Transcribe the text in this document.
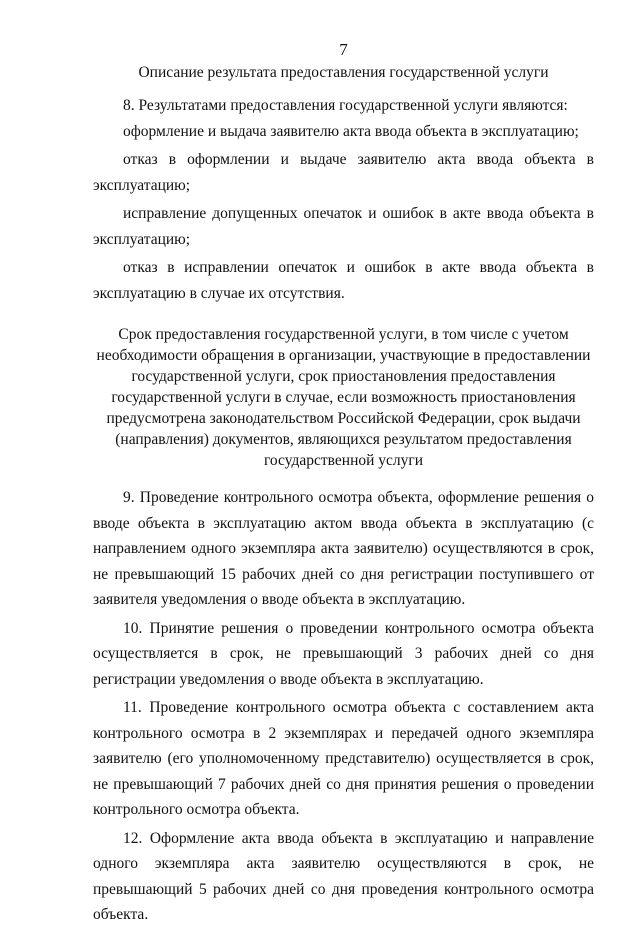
7
Описание результата предоставления государственной услуги

8. Результатами предоставления государственной услуги являются:

оформление и выдача заявителю акта ввода объекта в эксплуатацию;

отказ в оформлении и выдаче заявителю акта ввода объекта в эксплуатацию;

исправление допущенных опечаток и ошибок в акте ввода объекта в эксплуатацию;

отказ в исправлении опечаток и ошибок в акте ввода объекта в эксплуатацию в случае их отсутствия.

Срок предоставления государственной услуги, в том числе с учетом
необходимости обращения в организации, участвующие в предоставлении
государственной услуги, срок приостановления предоставления
государственной услуги в случае, если возможность приостановления
предусмотрена законодательством Российской Федерации, срок выдачи
(направления) документов, являющихся результатом предоставления
государственной услуги

9. Проведение контрольного осмотра объекта, оформление решения о вводе объекта в эксплуатацию актом ввода объекта в эксплуатацию (с направлением одного экземпляра акта заявителю) осуществляются в срок, не превышающий 15 рабочих дней со дня регистрации поступившего от заявителя уведомления о вводе объекта в эксплуатацию.

10. Принятие решения о проведении контрольного осмотра объекта осуществляется в срок, не превышающий 3 рабочих дней со дня регистрации уведомления о вводе объекта в эксплуатацию.

11. Проведение контрольного осмотра объекта с составлением акта контрольного осмотра в 2 экземплярах и передачей одного экземпляра заявителю (его уполномоченному представителю) осуществляется в срок, не превышающий 7 рабочих дней со дня принятия решения о проведении контрольного осмотра объекта.

12. Оформление акта ввода объекта в эксплуатацию и направление одного экземпляра акта заявителю осуществляются в срок, не превышающий 5 рабочих дней со дня проведения контрольного осмотра объекта.
